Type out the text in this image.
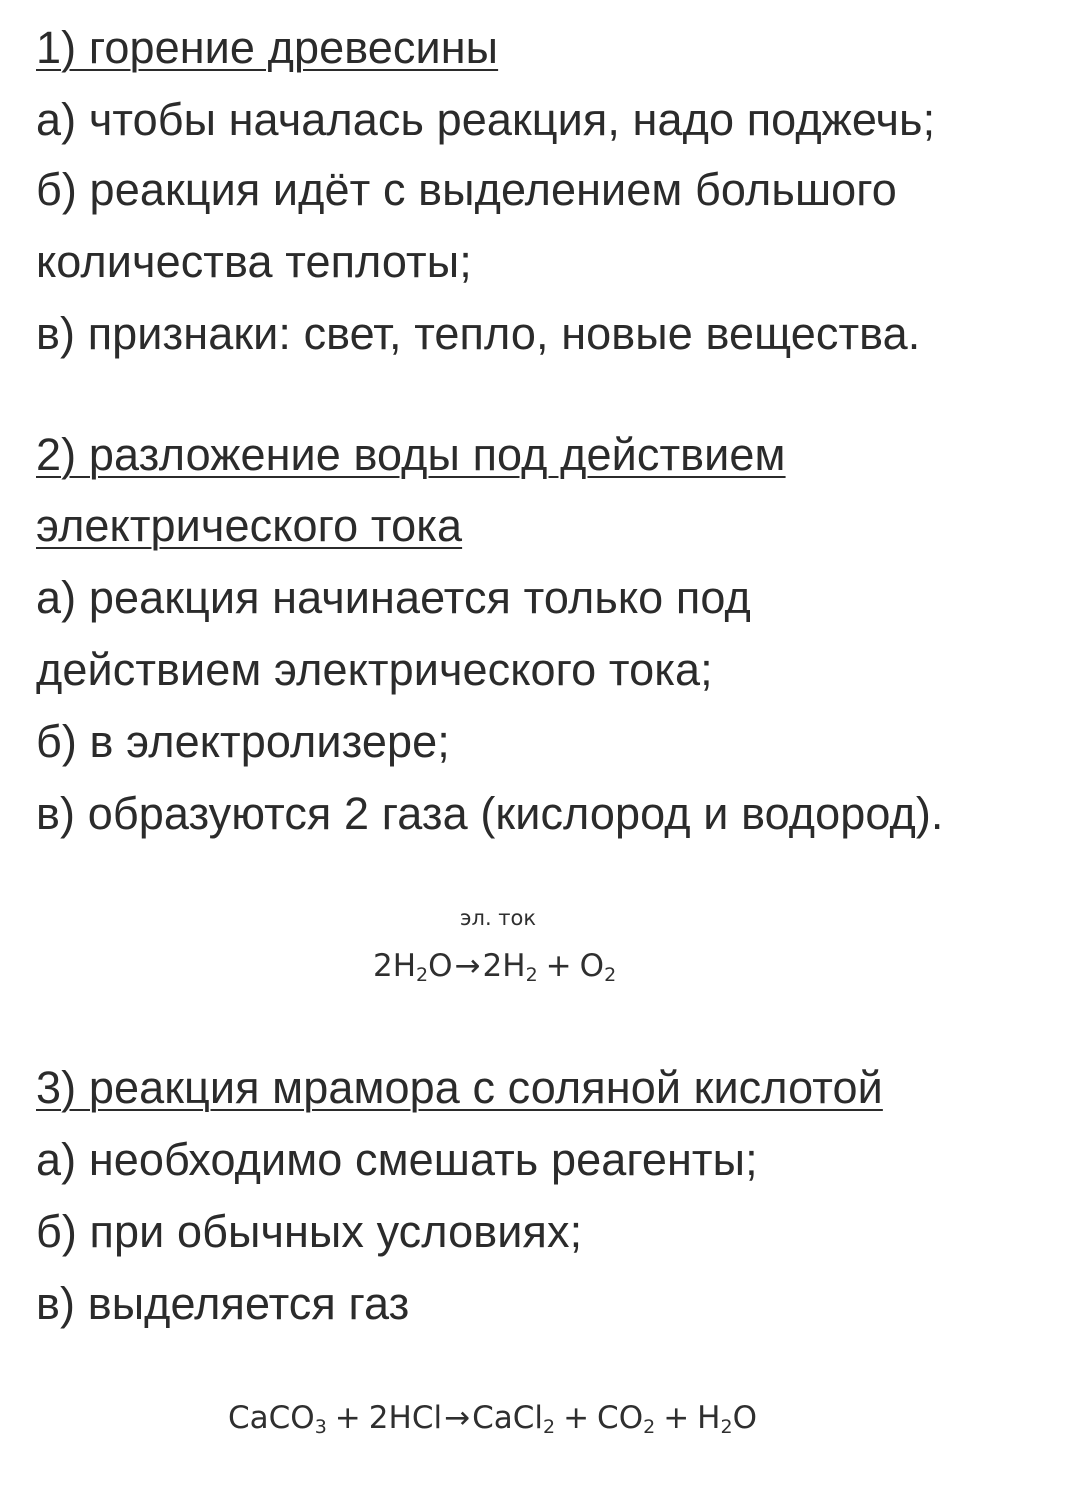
1) горение древесины
а) чтобы началась реакция, надо поджечь;
б) реакция идёт с выделением большого
количества теплоты;
в) признаки: свет, тепло, новые вещества.
2) разложение воды под действием
электрического тока
а) реакция начинается только под
действием электрического тока;
б) в электролизере;
в) образуются 2 газа (кислород и водород).
эл. ток
$2H_2O \to 2H_2 + O_2$
3) реакция мрамора с соляной кислотой
а) необходимо смешать реагенты;
б) при обычных условиях;
в) выделяется газ
CaCO$_3$ + 2HCl → CaCl$_2$ + $CO_2 + H_2O$
